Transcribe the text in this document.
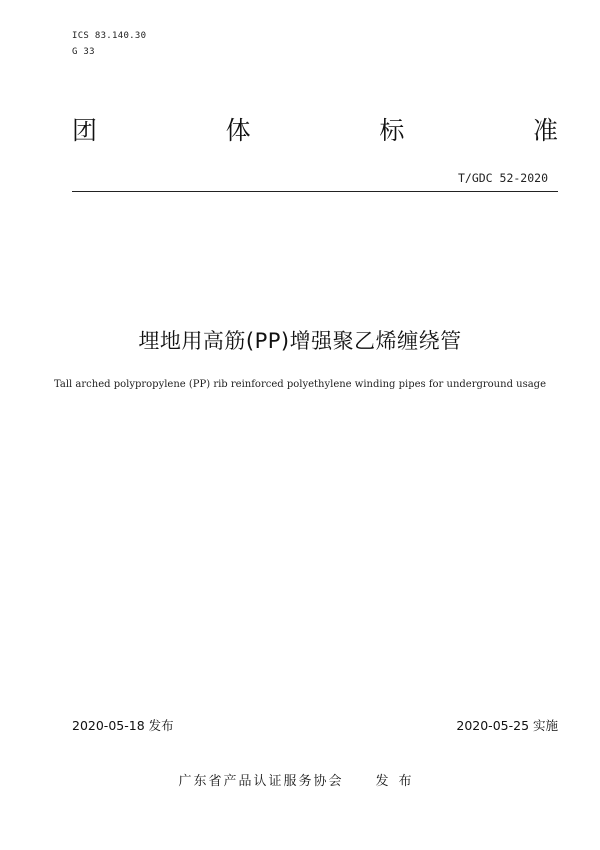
ICS 83.140.30
G 33
团	体	标	准
T/GDC 52-2020
埋地用高筋(PP)增强聚乙烯缠绕管
Tall arched polypropylene (PP) rib reinforced polyethylene winding pipes for underground usage
2020-05-18 发布	2020-05-25 实施
广东省产品认证服务协会 发布
